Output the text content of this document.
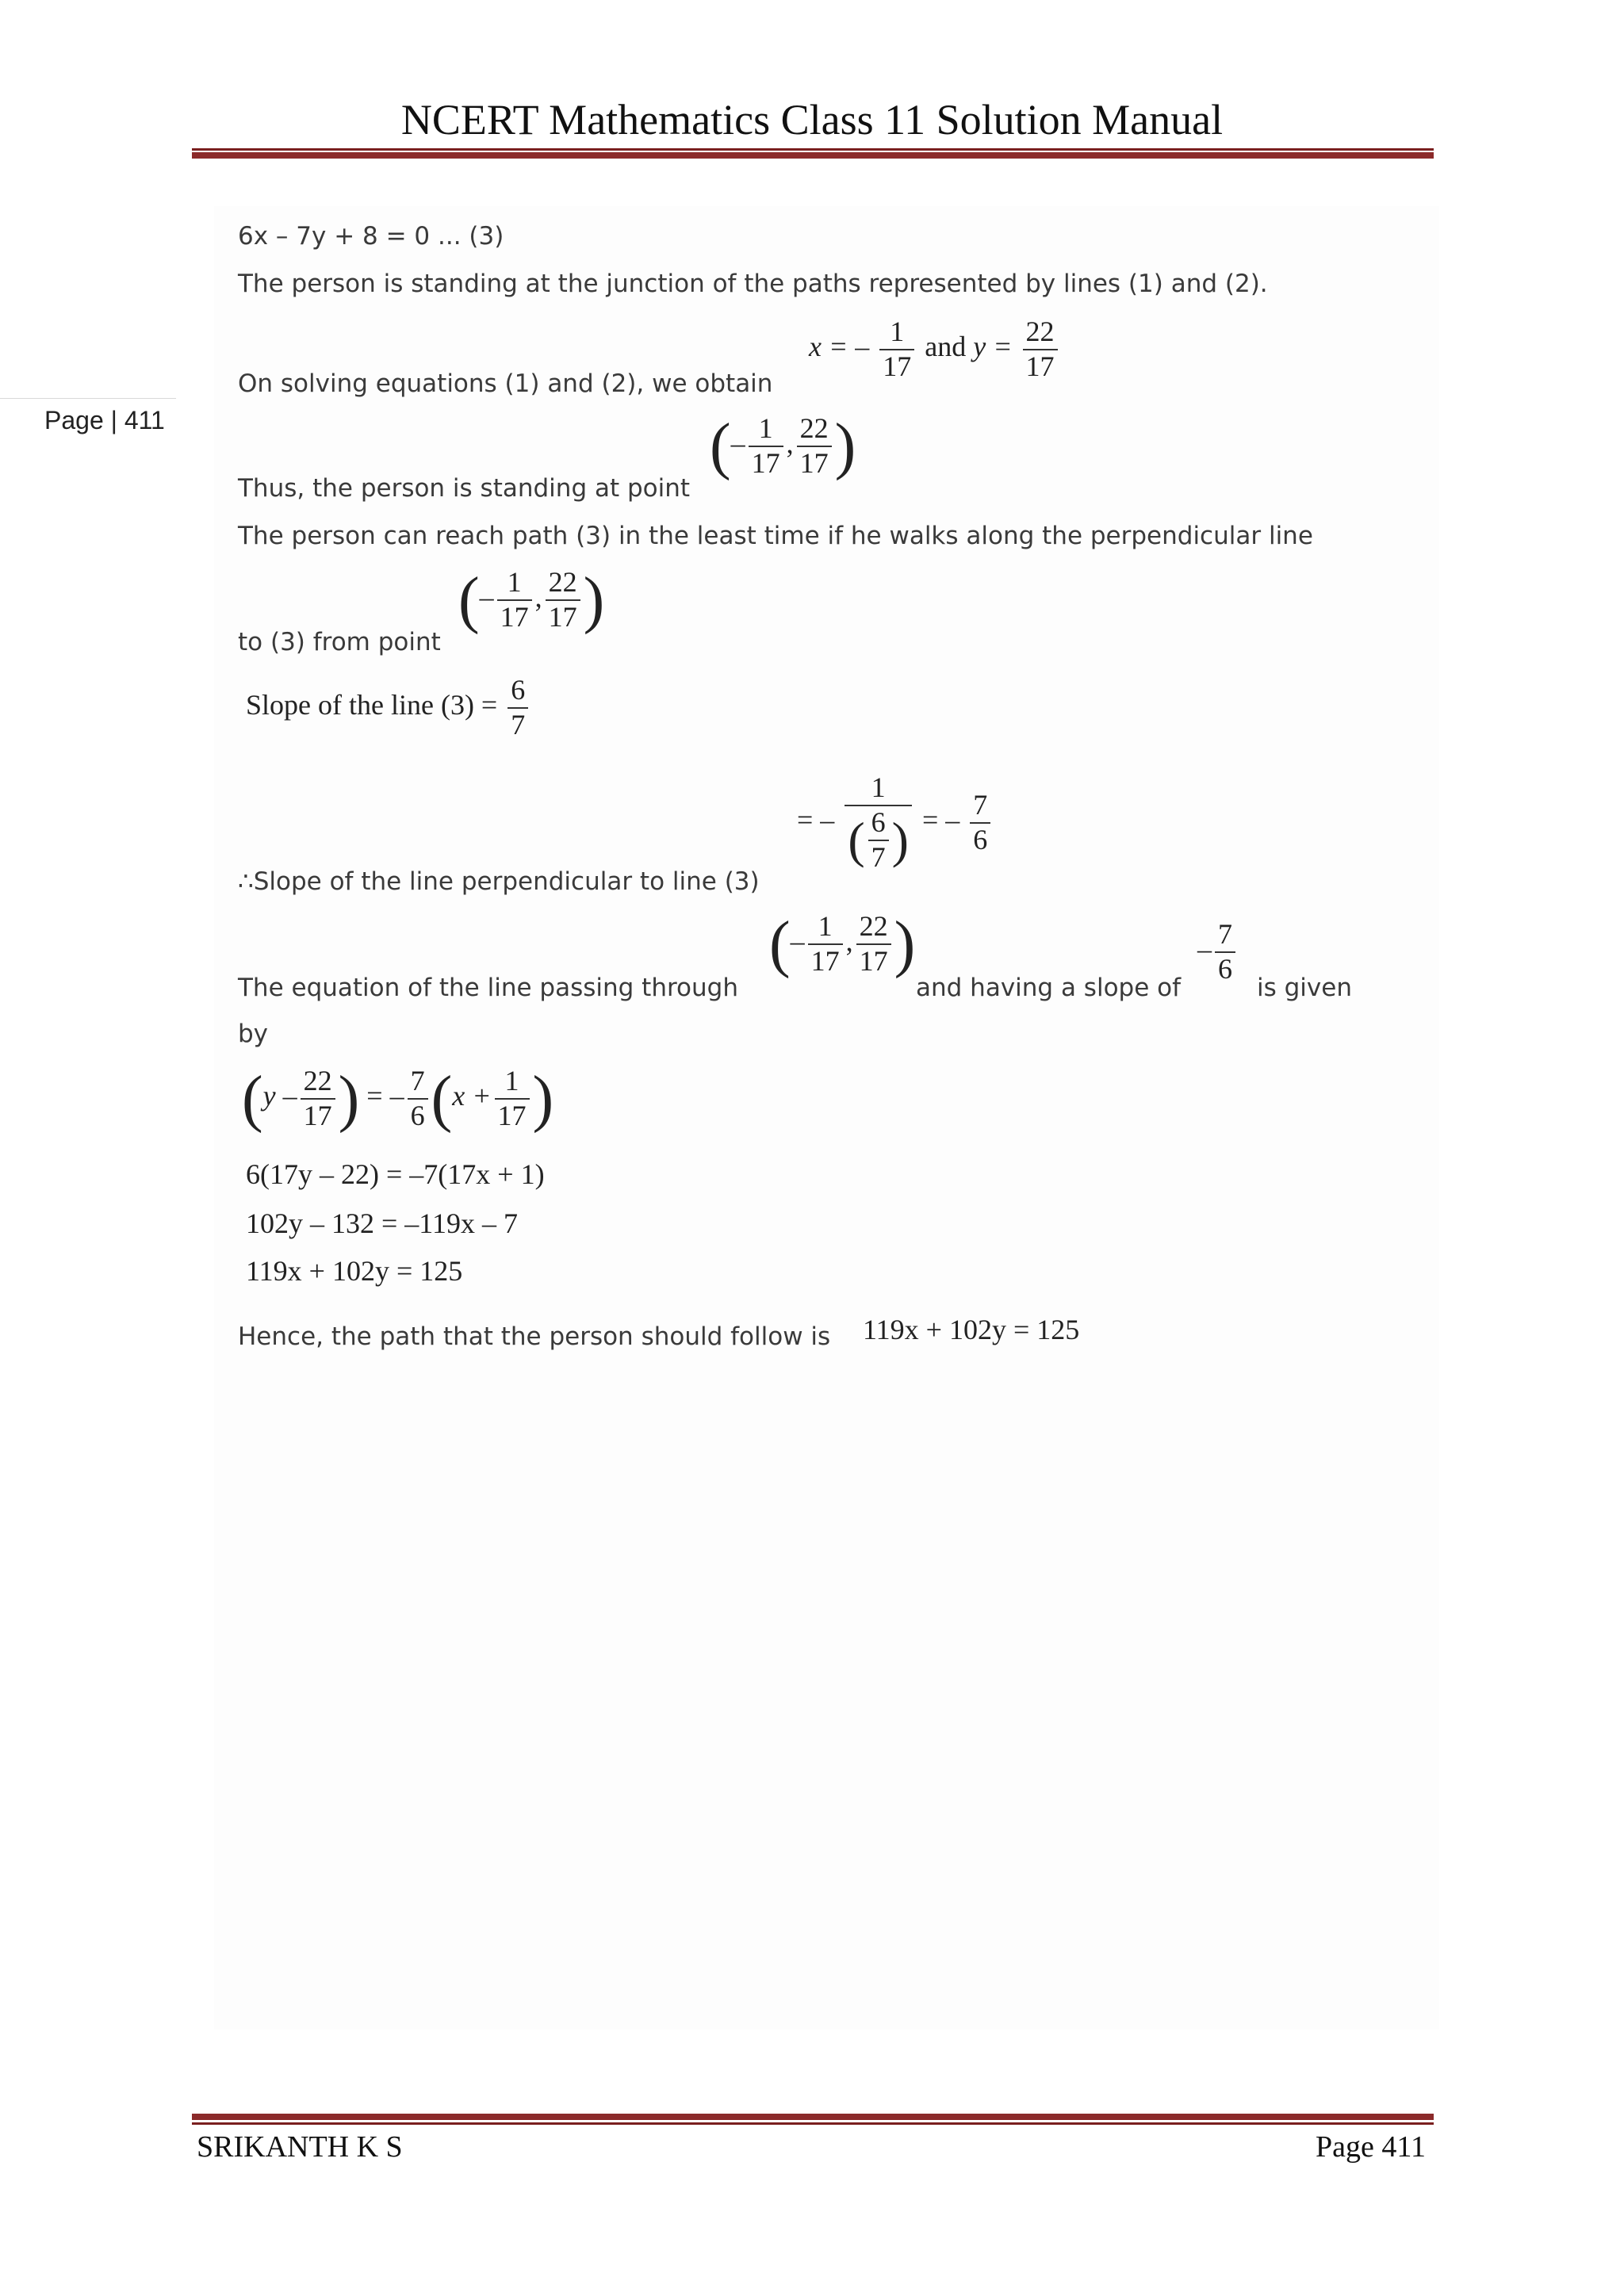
NCERT Mathematics Class 11 Solution Manual
Page | 411
6x – 7y + 8 = 0 ... (3)
The person is standing at the junction of the paths represented by lines (1) and (2).
On solving equations (1) and (2), we obtain
x = – $\frac{1}{17}$ and $y = \frac{22}{17}$
Thus, the person is standing at point
(– $\frac{1}{17}$ , $\frac{22}{17}$ )
The person can reach path (3) in the least time if he walks along the perpendicular line
to (3) from point
(– $\frac{1}{17}$ , $\frac{22}{17}$ )
Slope of the line $(3) = \frac{6}{7}$
∴Slope of the line perpendicular to line (3)
= – $\frac{1}{( \frac{6}{7} )}$ = – $\frac{7}{6}$
The equation of the line passing through
(– $\frac{1}{17}$ , $\frac{22}{17}$ )
and having a slope of
– $\frac{7}{6}$
is given
by
($y - \frac{22}{17}$ ) = – $\frac{7}{6} (x + \frac{1}{17}$ )
6(17y – 22) = –7(17x + 1)
102y – 132 = –119x – 7
119x + 102y = 125
Hence, the path that the person should follow is 119x + 102y = 125
SRIKANTH K S	Page 411
